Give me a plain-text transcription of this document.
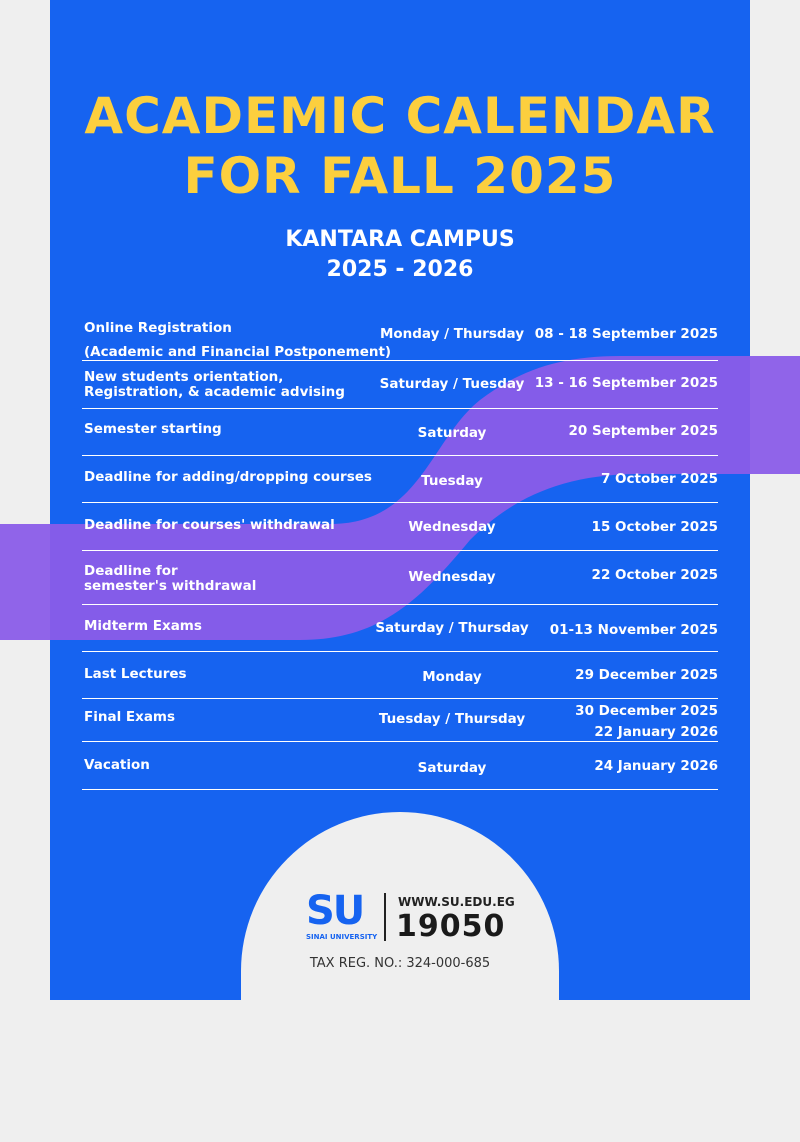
ACADEMIC CALENDAR
FOR FALL 2025
KANTARA CAMPUS
2025 - 2026
Online Registration
(Academic and Financial Postponement)
Monday / Thursday 08 - 18 September 2025
New students orientation,
Registration, & academic advising	Saturday / Tuesday 13 - 16 September 2025
Semester starting	Saturday	20 September 2025
Deadline for adding/dropping courses	Tuesday	7 October 2025
Deadline for courses' withdrawal	Wednesday	15 October 2025
Deadline for
semester's withdrawal
Wednesday	22 October 2025
Midterm Exams	Saturday / Thursday 01-13 November 2025
Last Lectures	Monday	29 December 2025
Final Exams	Tuesday / Thursday	30 December 2025
22 January 2026
Vacation	Saturday	24 January 2026
SU
SINAI UNIVERSITY
WWW.SU.EDU.EG
19050
TAX REG. NO.: 324-000-685
